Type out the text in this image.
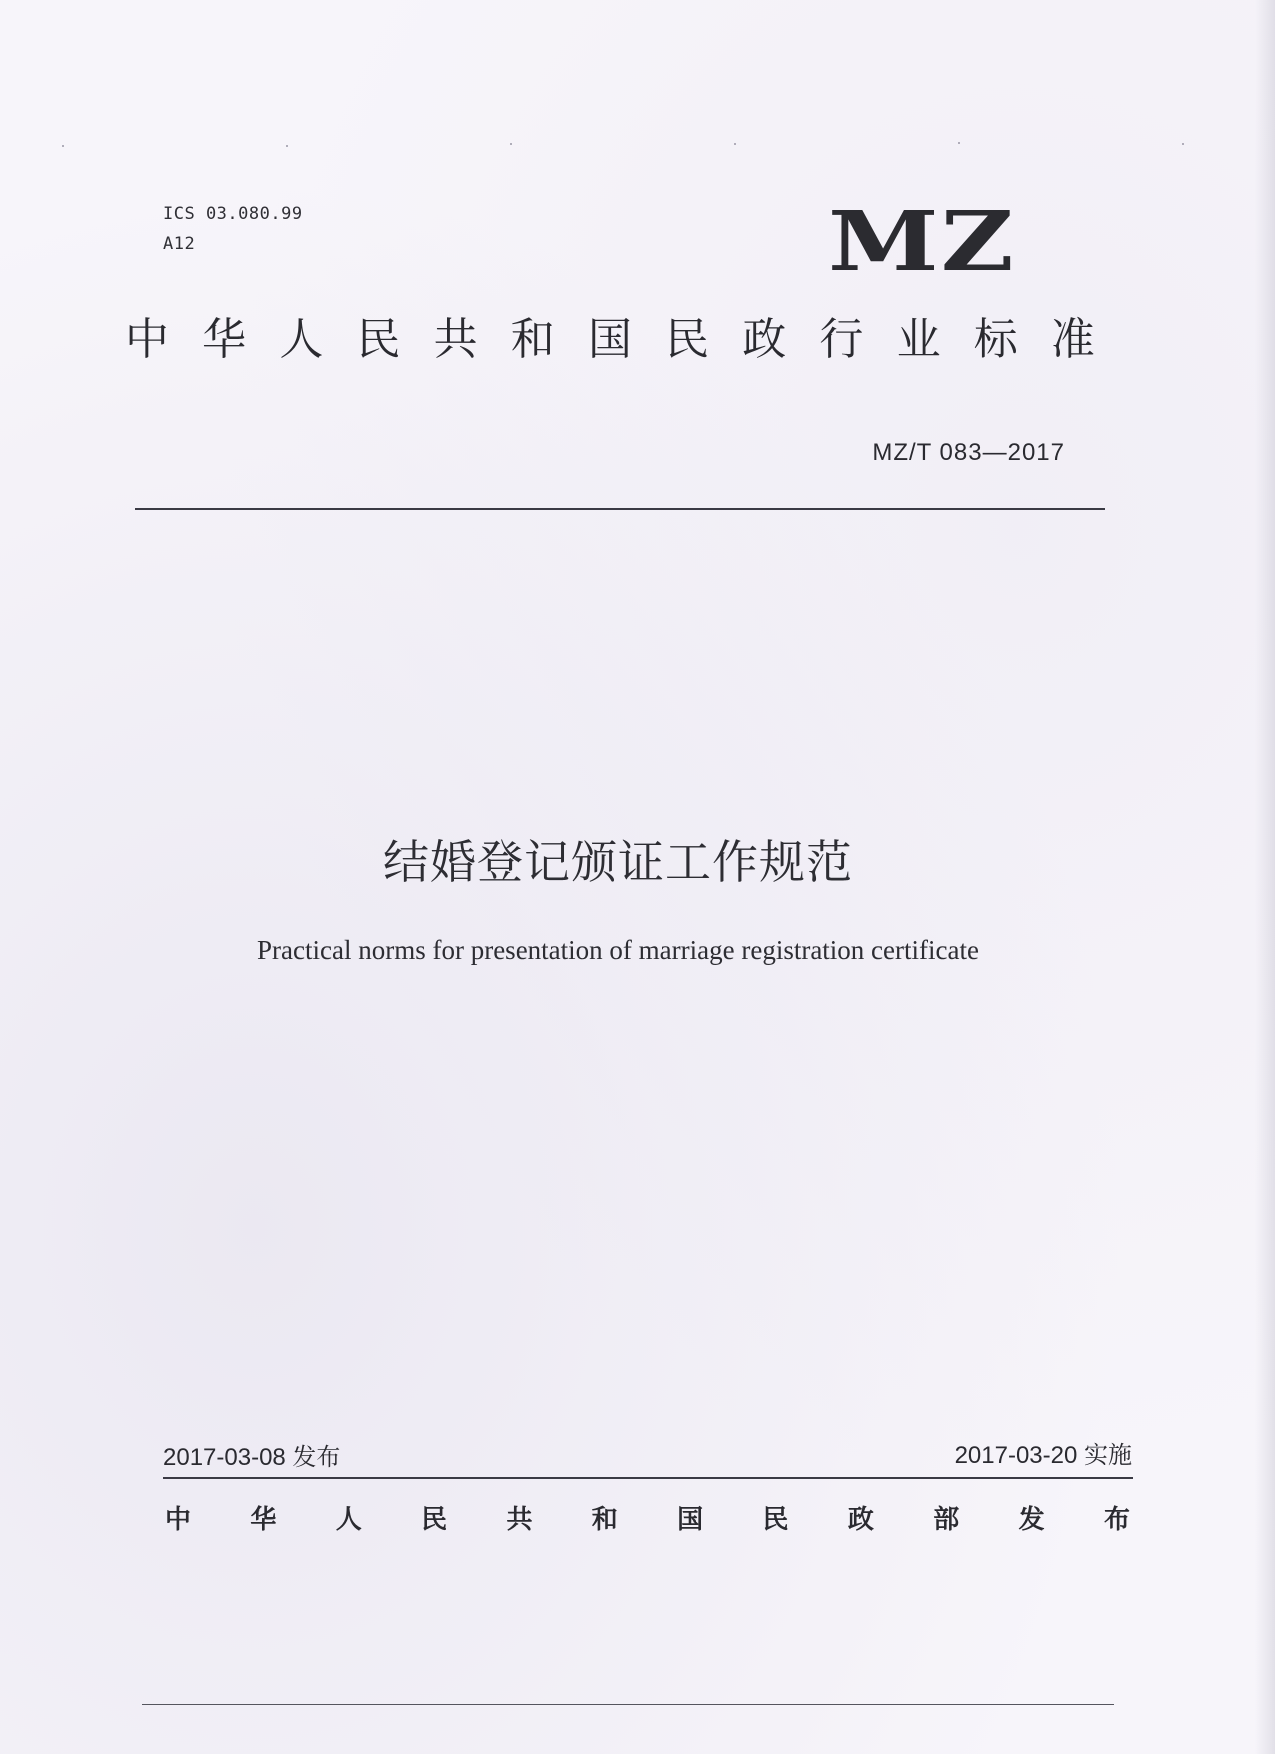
ICS 03.080.99
A12	MZ
中 华 人 民 共 和 国 民 政 行 业 标 准
MZ/T 083—2017
结婚登记颁证工作规范
Practical norms for presentation of marriage registration certificate
2017-03-08 发布	2017-03-20 实施
中 华 人 民 共 和 国 民 政 部 发 布
